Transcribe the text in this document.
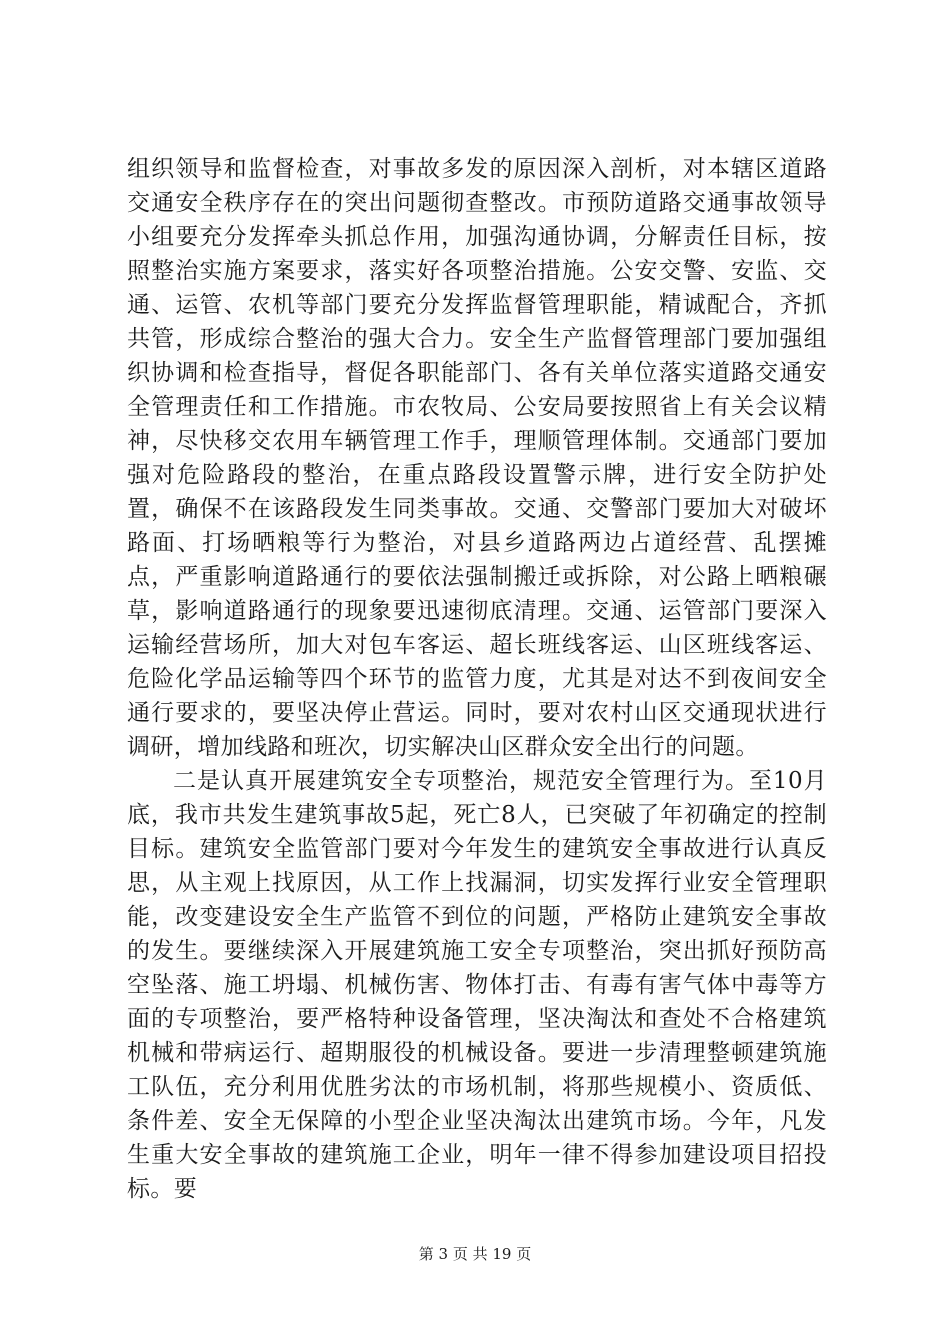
组织领导和监督检查，对事故多发的原因深入剖析，对本辖区道路交通安全秩序存在的突出问题彻查整改。市预防道路交通事故领导小组要充分发挥牵头抓总作用，加强沟通协调，分解责任目标，按照整治实施方案要求，落实好各项整治措施。公安交警、安监、交通、运管、农机等部门要充分发挥监督管理职能，精诚配合，齐抓共管，形成综合整治的强大合力。安全生产监督管理部门要加强组织协调和检查指导，督促各职能部门、各有关单位落实道路交通安全管理责任和工作措施。市农牧局、公安局要按照省上有关会议精神，尽快移交农用车辆管理工作手，理顺管理体制。交通部门要加强对危险路段的整治，在重点路段设置警示牌，进行安全防护处置，确保不在该路段发生同类事故。交通、交警部门要加大对破坏路面、打场晒粮等行为整治，对县乡道路两边占道经营、乱摆摊点，严重影响道路通行的要依法强制搬迁或拆除，对公路上晒粮碾草，影响道路通行的现象要迅速彻底清理。交通、运管部门要深入运输经营场所，加大对包车客运、超长班线客运、山区班线客运、危险化学品运输等四个环节的监管力度，尤其是对达不到夜间安全通行要求的，要坚决停止营运。同时，要对农村山区交通现状进行调研，增加线路和班次，切实解决山区群众安全出行的问题。

二是认真开展建筑安全专项整治，规范安全管理行为。至10月底，我市共发生建筑事故5起，死亡8人，已突破了年初确定的控制目标。建筑安全监管部门要对今年发生的建筑安全事故进行认真反思，从主观上找原因，从工作上找漏洞，切实发挥行业安全管理职能，改变建设安全生产监管不到位的问题，严格防止建筑安全事故的发生。要继续深入开展建筑施工安全专项整治，突出抓好预防高空坠落、施工坍塌、机械伤害、物体打击、有毒有害气体中毒等方面的专项整治，要严格特种设备管理，坚决淘汰和查处不合格建筑机械和带病运行、超期服役的机械设备。要进一步清理整顿建筑施工队伍，充分利用优胜劣汰的市场机制，将那些规模小、资质低、条件差、安全无保障的小型企业坚决淘汰出建筑市场。今年，凡发生重大安全事故的建筑施工企业，明年一律不得参加建设项目招投标。要

第 3 页 共 19 页
